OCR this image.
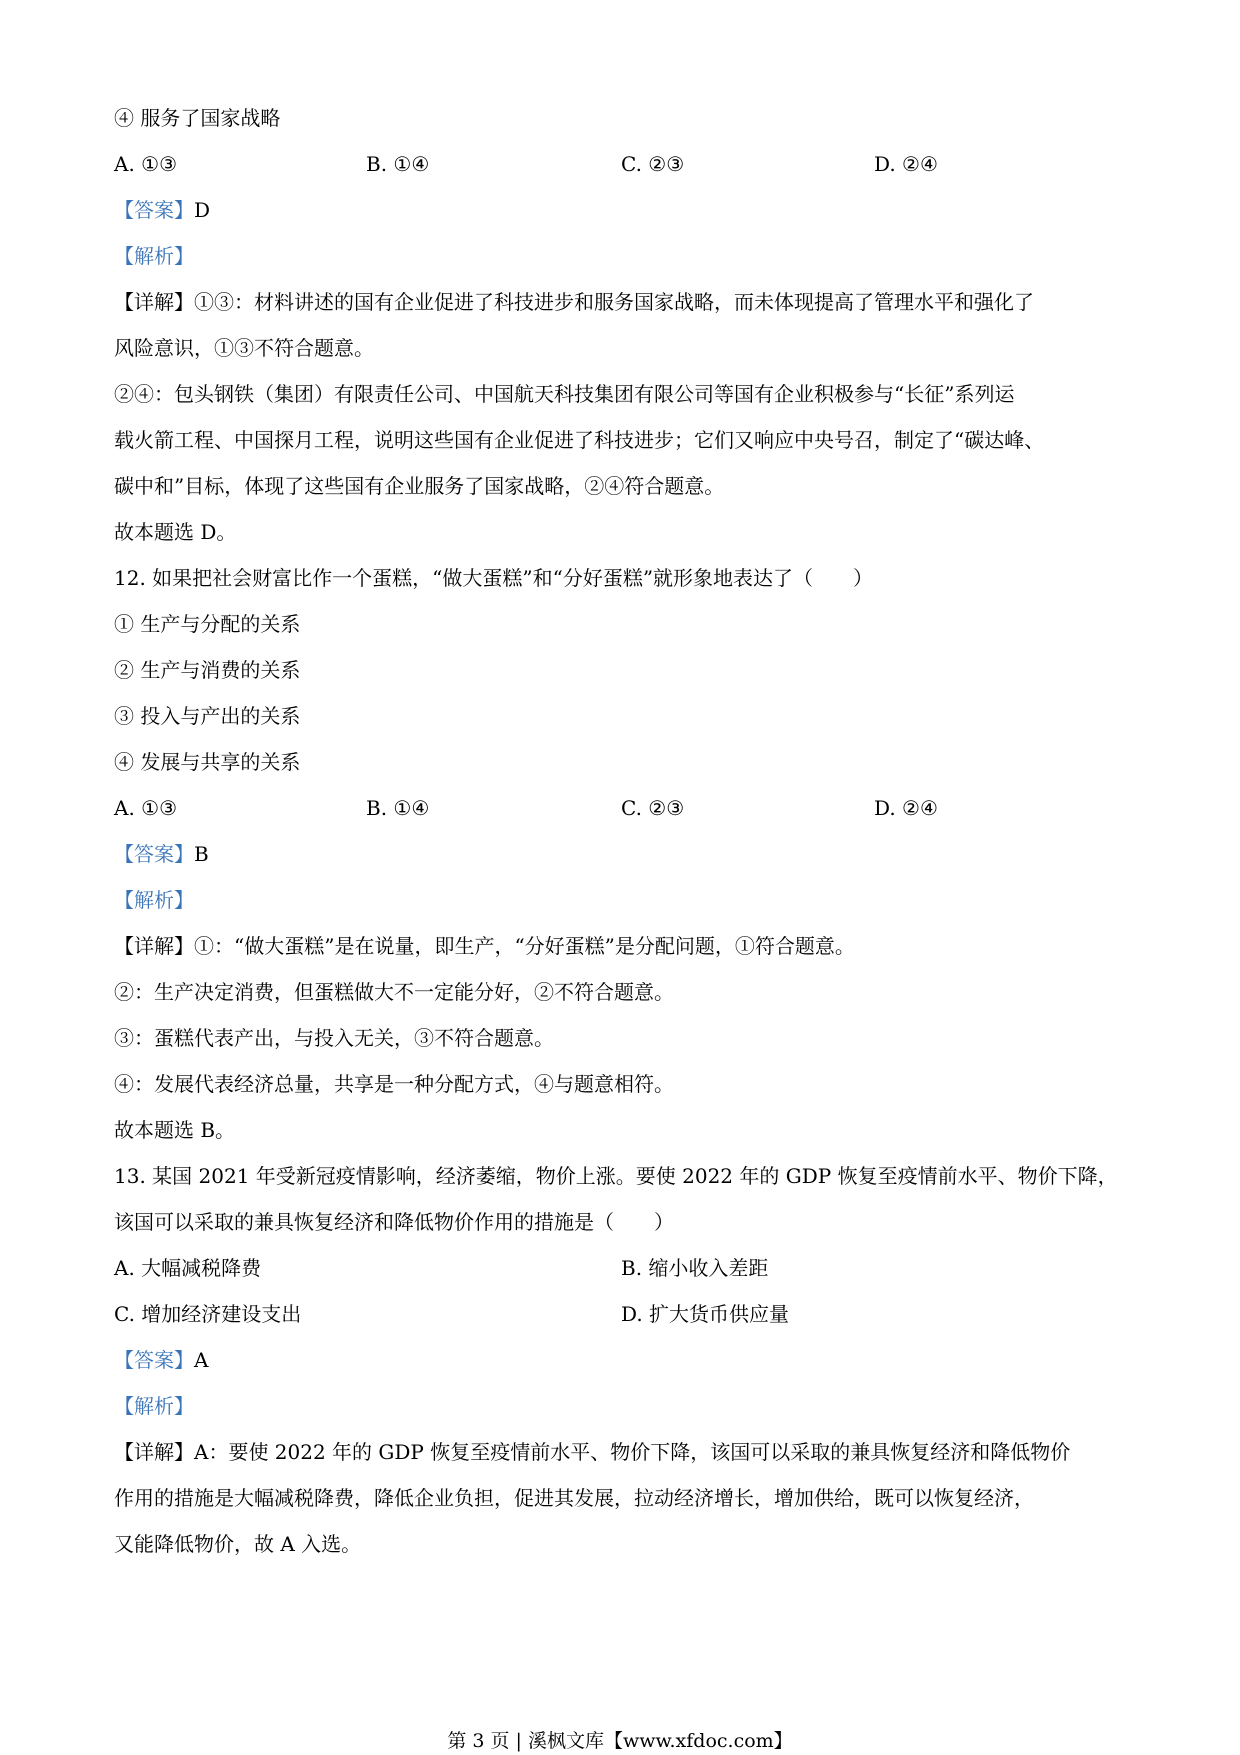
④ 服务了国家战略
A. ①③	B. ①④	C. ②③	D. ②④
【答案】D
【解析】
【详解】①③：材料讲述的国有企业促进了科技进步和服务国家战略，而未体现提高了管理水平和强化了
风险意识，①③不符合题意。
②④：包头钢铁（集团）有限责任公司、中国航天科技集团有限公司等国有企业积极参与“长征”系列运
载火箭工程、中国探月工程，说明这些国有企业促进了科技进步；它们又响应中央号召，制定了“碳达峰、
碳中和”目标，体现了这些国有企业服务了国家战略，②④符合题意。
故本题选 D。
12. 如果把社会财富比作一个蛋糕，“做大蛋糕”和“分好蛋糕”就形象地表达了（　　）
① 生产与分配的关系
② 生产与消费的关系
③ 投入与产出的关系
④ 发展与共享的关系
A. ①③	B. ①④	C. ②③	D. ②④
【答案】B
【解析】
【详解】①：“做大蛋糕”是在说量，即生产，“分好蛋糕”是分配问题，①符合题意。
②：生产决定消费，但蛋糕做大不一定能分好，②不符合题意。
③：蛋糕代表产出，与投入无关，③不符合题意。
④：发展代表经济总量，共享是一种分配方式，④与题意相符。
故本题选 B。
13. 某国 2021 年受新冠疫情影响，经济萎缩，物价上涨。要使 2022 年的 GDP 恢复至疫情前水平、物价下降，
该国可以采取的兼具恢复经济和降低物价作用的措施是（　　）
A. 大幅减税降费	B. 缩小收入差距
C. 增加经济建设支出	D. 扩大货币供应量
【答案】A
【解析】
【详解】A：要使 2022 年的 GDP 恢复至疫情前水平、物价下降，该国可以采取的兼具恢复经济和降低物价
作用的措施是大幅减税降费，降低企业负担，促进其发展，拉动经济增长，增加供给，既可以恢复经济，
又能降低物价，故 A 入选。
第 3 页 | 溪枫文库【www.xfdoc.com】
